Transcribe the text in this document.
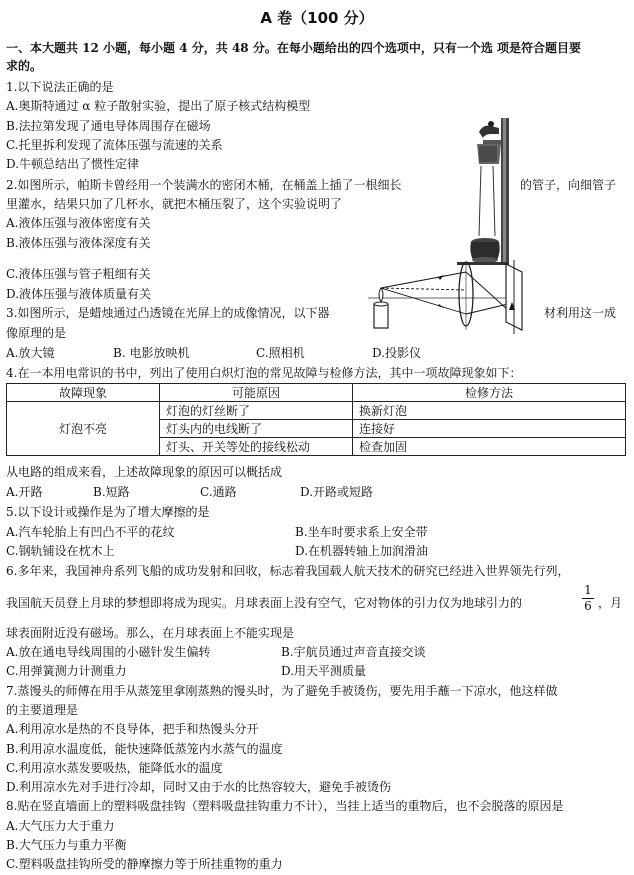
A 卷（100 分）
一、本大题共 12 小题，每小题 4 分，共 48 分。在每小题给出的四个选项中，只有一个选 项是符合题目要
求的。
1.以下说法正确的是
A.奥斯特通过 α 粒子散射实验，提出了原子核式结构模型
B.法拉第发现了通电导体周围存在磁场
C.托里拆利发现了流体压强与流速的关系
D.牛顿总结出了惯性定律
2.如图所示，帕斯卡曾经用一个装满水的密闭木桶，在桶盖上插了一根细长	的管子，向细管子
里灌水，结果只加了几杯水，就把木桶压裂了，这个实验说明了
A.液体压强与液体密度有关
B.液体压强与液体深度有关
C.液体压强与管子粗细有关
D.液体压强与液体质量有关
3.如图所示，是蜡烛通过凸透镜在光屏上的成像情况，以下器	材利用这一成
像原理的是
A.放大镜	B. 电影放映机	C.照相机	D.投影仪
4.在一本用电常识的书中，列出了使用白炽灯泡的常见故障与检修方法，其中一项故障现象如下：
故障现象	可能原因	检修方法
灯泡不亮	灯泡的灯丝断了	换新灯泡
	灯头内的电线断了	连接好
	灯头、开关等处的接线松动	检查加固
从电路的组成来看，上述故障现象的原因可以概括成
A.开路	B.短路	C.通路	D.开路或短路
5.以下设计或操作是为了增大摩擦的是
A.汽车轮胎上有凹凸不平的花纹	B.坐车时要求系上安全带
C.钢轨铺设在枕木上	D.在机器转轴上加润滑油
6.多年来，我国神舟系列飞船的成功发射和回收，标志着我国载人航天技术的研究已经进入世界领先行列，
我国航天员登上月球的梦想即将成为现实。月球表面上没有空气，它对物体的引力仅为地球引力的
1
6 ，月
球表面附近没有磁场。那么，在月球表面上不能实现是
A.放在通电导线周围的小磁针发生偏转	B.宇航员通过声音直接交谈
C.用弹簧测力计测重力	D.用天平测质量
7.蒸馒头的师傅在用手从蒸笼里拿刚蒸熟的馒头时，为了避免手被烫伤，要先用手蘸一下凉水，他这样做
的主要道理是
A.利用凉水是热的不良导体，把手和热馒头分开
B.利用凉水温度低，能快速降低蒸笼内水蒸气的温度
C.利用凉水蒸发要吸热，能降低水的温度
D.利用凉水先对手进行冷却，同时又由于水的比热容较大，避免手被烫伤
8.贴在竖直墙面上的塑料吸盘挂钩（塑料吸盘挂钩重力不计），当挂上适当的重物后，也不会脱落的原因是
A.大气压力大于重力
B.大气压力与重力平衡
C.塑料吸盘挂钩所受的静摩擦力等于所挂重物的重力
